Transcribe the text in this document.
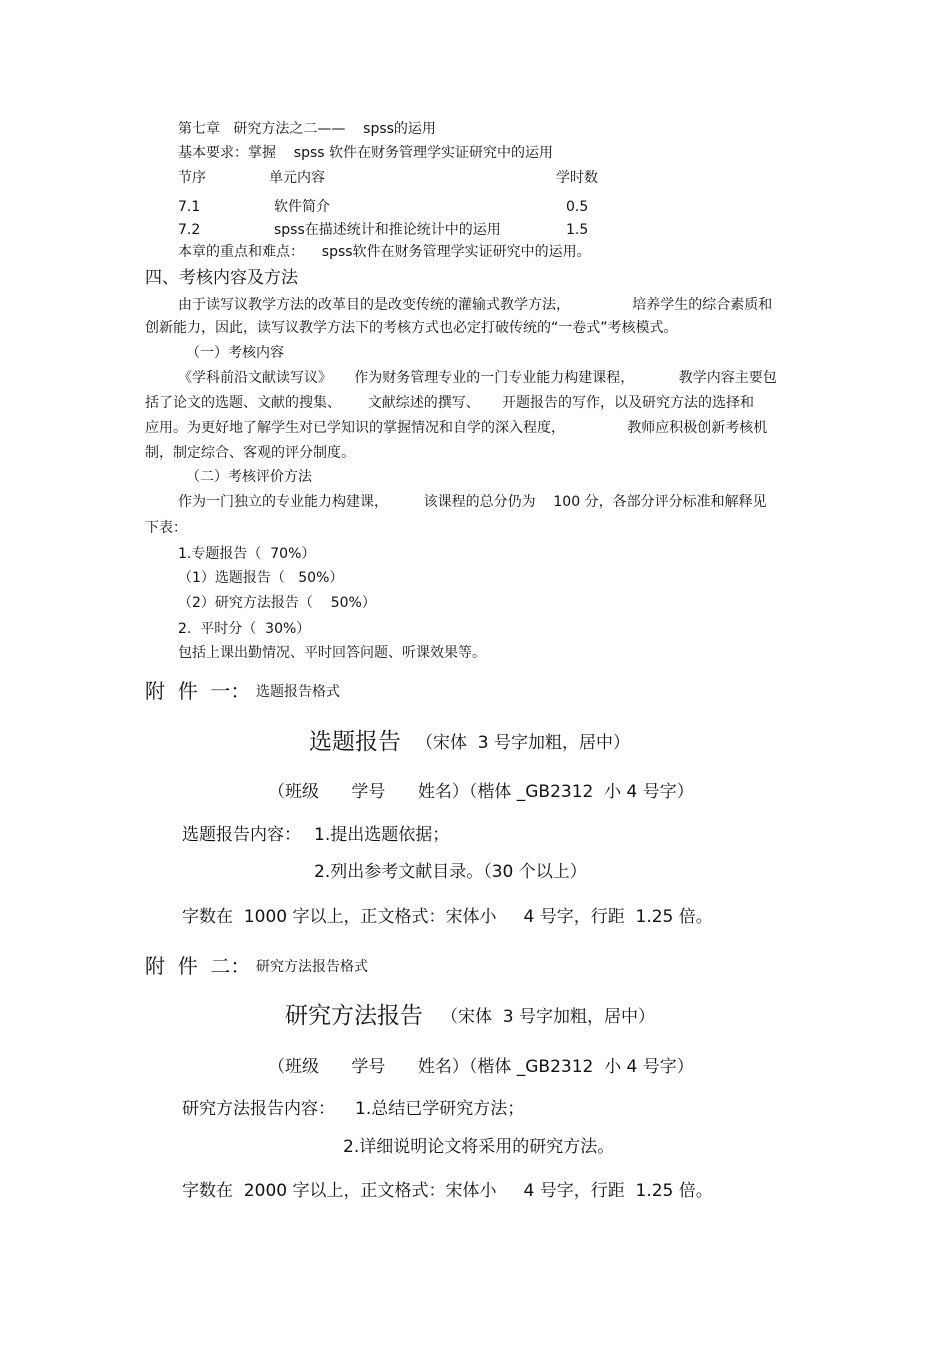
第七章   研究方法之二——    spss的运用
基本要求：掌握    spss 软件在财务管理学实证研究中的运用
节序	单元内容	学时数
7.1	软件简介	0.5
7.2	spss在描述统计和推论统计中的运用	1.5
本章的重点和难点：    spss软件在财务管理学实证研究中的运用。
四、考核内容及方法
由于读写议教学方法的改革目的是改变传统的灌输式教学方法，              培养学生的综合素质和
创新能力，因此，读写议教学方法下的考核方式也必定打破传统的“一卷式”考核模式。
（一）考核内容
《学科前沿文献读写议》     作为财务管理专业的一门专业能力构建课程，          教学内容主要包
括了论文的选题、文献的搜集、      文献综述的撰写、     开题报告的写作，以及研究方法的选择和
应用。为更好地了解学生对已学知识的掌握情况和自学的深入程度，              教师应积极创新考核机
制，制定综合、客观的评分制度。
（二）考核评价方法
作为一门独立的专业能力构建课，        该课程的总分仍为    100 分，各部分评分标准和解释见
下表：
1.专题报告（  70%）
（1）选题报告（   50%）
（2）研究方法报告（    50%）
2.  平时分（  30%）
包括上课出勤情况、平时回答问题、听课效果等。
附  件  一： 选题报告格式
选题报告 （宋体  3 号字加粗，居中）
（班级      学号      姓名）（楷体 _GB2312  小 4 号字）
选题报告内容： 1.提出选题依据；
2.列出参考文献目录。（30 个以上）
字数在  1000 字以上，正文格式：宋体小     4 号字，行距  1.25 倍。
附  件  二： 研究方法报告格式
研究方法报告 （宋体  3 号字加粗，居中）
（班级      学号      姓名）（楷体 _GB2312  小 4 号字）
研究方法报告内容： 1.总结已学研究方法；
2.详细说明论文将采用的研究方法。
字数在  2000 字以上，正文格式：宋体小     4 号字，行距  1.25 倍。
